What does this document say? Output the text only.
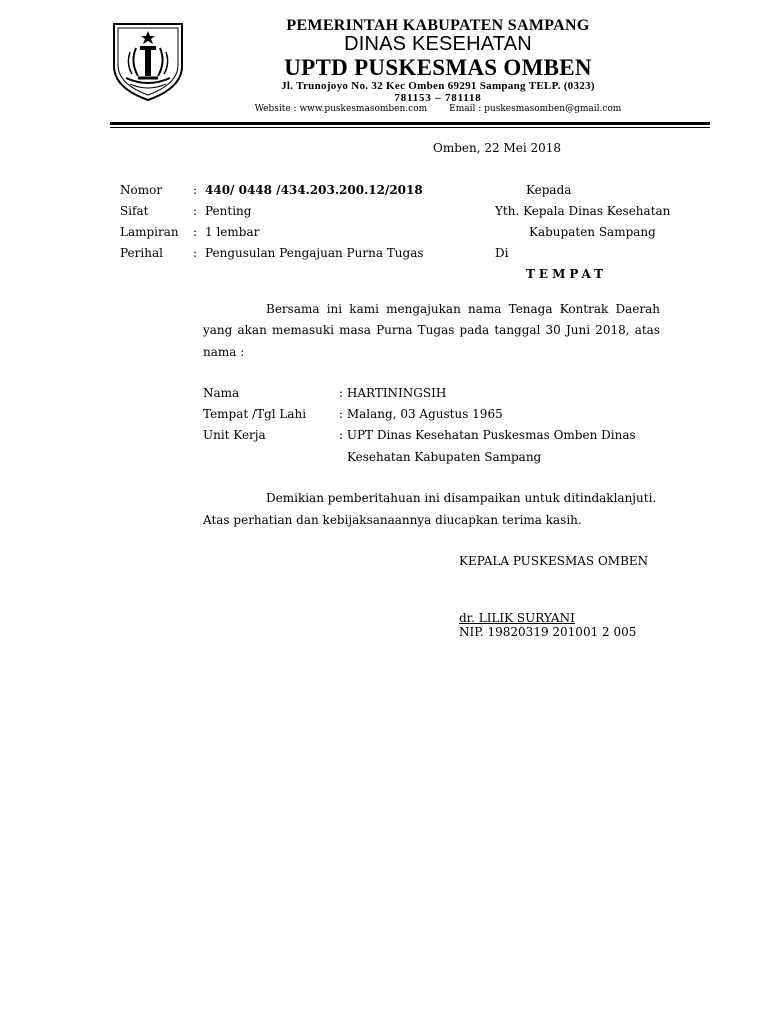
PEMERINTAH KABUPATEN SAMPANG
DINAS KESEHATAN
UPTD PUSKESMAS OMBEN
Jl. Trunojoyo No. 32 Kec Omben 69291 Sampang TELP. (0323)
781153 – 781118
Website : www.puskesmasomben.com Email : puskesmasomben@gmail.com
Omben, 22 Mei 2018
Nomor	: 440/ 0448 /434.203.200.12/2018
Sifat	: Penting
Lampiran : 1 lembar
Perihal	: Pengusulan Pengajuan Purna Tugas
Kepada
Yth. Kepala Dinas Kesehatan
Kabupaten Sampang
Di
TEMPAT
Bersama ini kami mengajukan nama Tenaga Kontrak Daerah
yang akan memasuki masa Purna Tugas pada tanggal 30 Juni 2018, atas
nama :
Nama	: HARTININGSIH
Tempat /Tgl Lahi	: Malang, 03 Agustus 1965
Unit Kerja	: UPT Dinas Kesehatan Puskesmas Omben Dinas
Kesehatan Kabupaten Sampang
Demikian pemberitahuan ini disampaikan untuk ditindaklanjuti.
Atas perhatian dan kebijaksanaannya diucapkan terima kasih.
KEPALA PUSKESMAS OMBEN
dr. LILIK SURYANI
NIP. 19820319 201001 2 005
